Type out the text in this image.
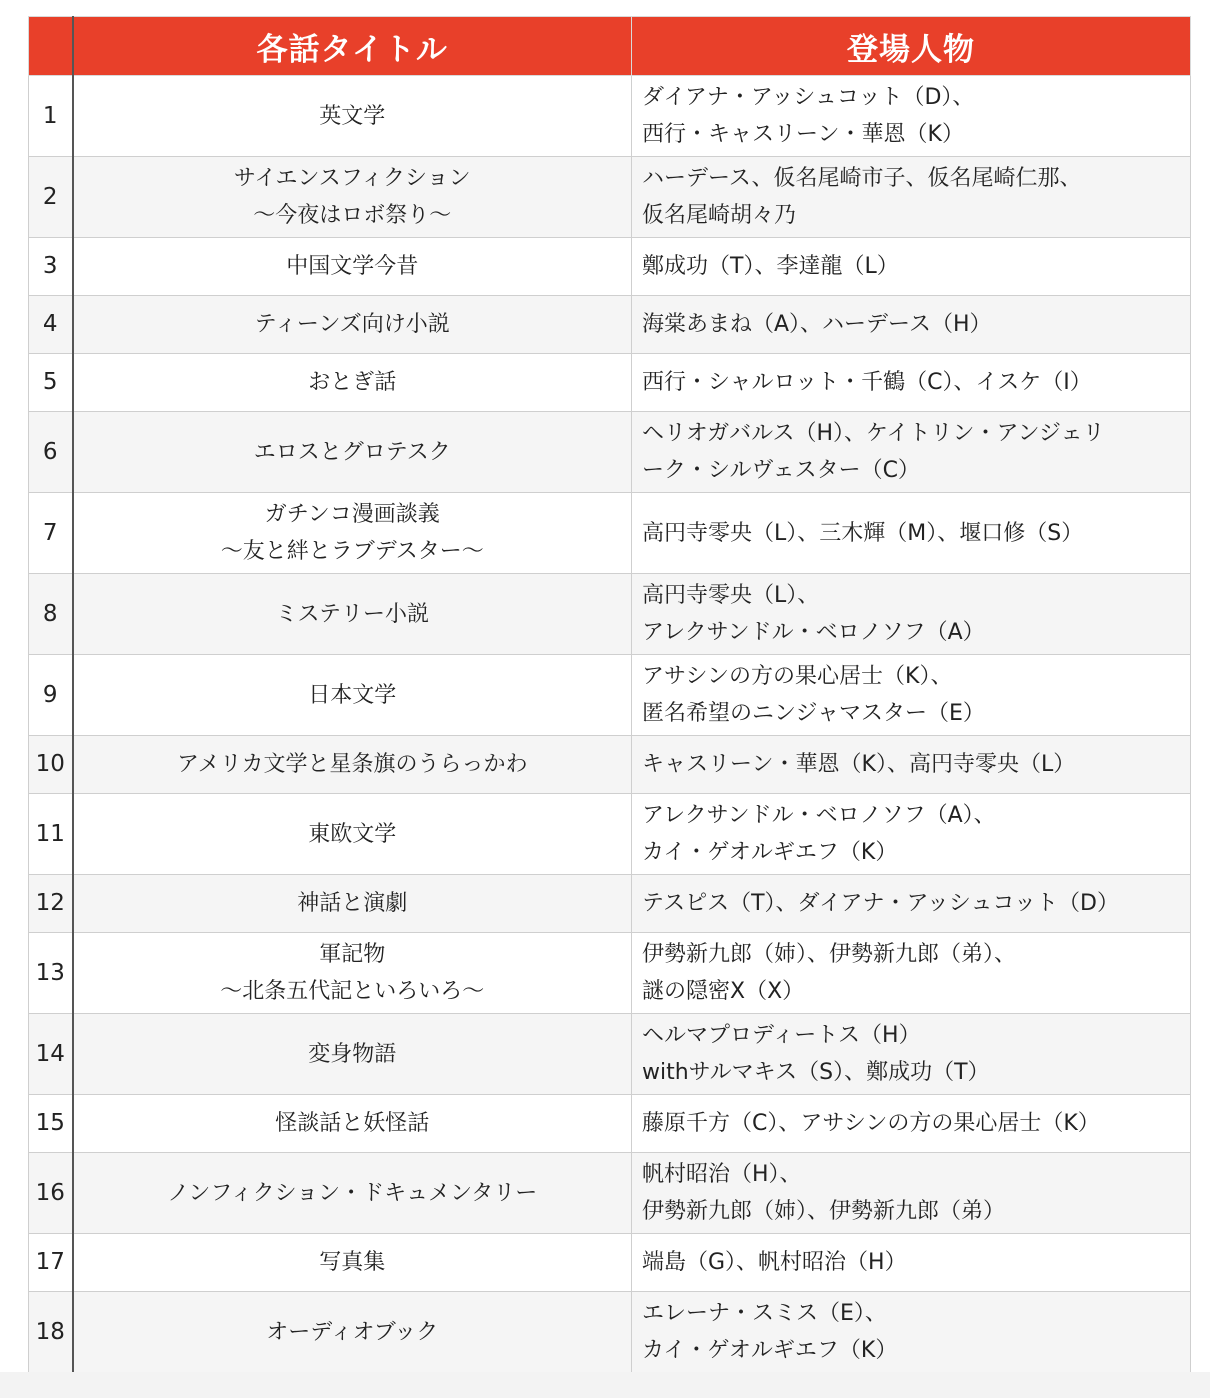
	各話タイトル	登場人物
1	英文学	ダイアナ・アッシュコット（D）、
西行・キャスリーン・華恩（K）

2	サイエンスフィクション
〜今夜はロボ祭り〜	ハーデース、仮名尾崎市子、仮名尾崎仁那、
仮名尾崎胡々乃

3	中国文学今昔	鄭成功（T）、李達龍（L）

4	ティーンズ向け小説	海棠あまね（A）、ハーデース（H）

5	おとぎ話	西行・シャルロット・千鶴（C）、イスケ（I）

6	エロスとグロテスク	ヘリオガバルス（H）、ケイトリン・アンジェリ
ーク・シルヴェスター（C）

7	ガチンコ漫画談義
〜友と絆とラブデスター〜	高円寺零央（L）、三木輝（M）、堰口修（S）

8	ミステリー小説	高円寺零央（L）、
アレクサンドル・ベロノソフ（A）

9	日本文学	アサシンの方の果心居士（K）、
匿名希望のニンジャマスター（E）

10	アメリカ文学と星条旗のうらっかわ	キャスリーン・華恩（K）、高円寺零央（L）

11	東欧文学	アレクサンドル・ベロノソフ（A）、
カイ・ゲオルギエフ（K）

12	神話と演劇	テスピス（T）、ダイアナ・アッシュコット（D）

13	軍記物
〜北条五代記といろいろ〜	伊勢新九郎（姉）、伊勢新九郎（弟）、
謎の隠密X（X）

14	変身物語	ヘルマプロディートス（H）
withサルマキス（S）、鄭成功（T）

15	怪談話と妖怪話	藤原千方（C）、アサシンの方の果心居士（K）

16	ノンフィクション・ドキュメンタリー	帆村昭治（H）、
伊勢新九郎（姉）、伊勢新九郎（弟）

17	写真集	端島（G）、帆村昭治（H）

18	オーディオブック	エレーナ・スミス（E）、
カイ・ゲオルギエフ（K）
